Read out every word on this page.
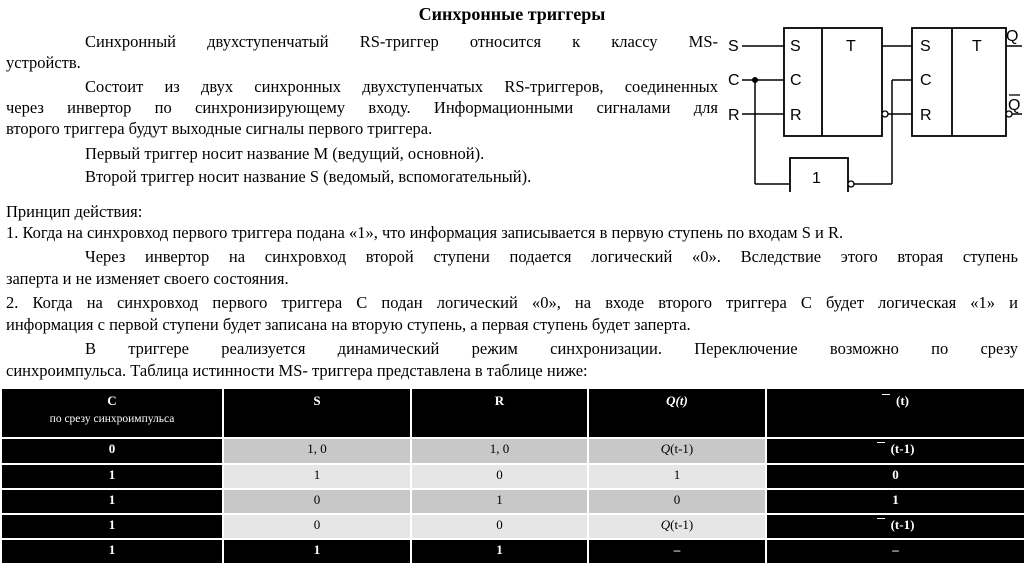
Синхронные триггеры
Синхронный двухступенчатый RS-триггер относится к классу MS-
устройств.
Состоит из двух синхронных двухступенчатых RS-триггеров, соединенных
через инвертор по синхронизирующему входу. Информационными сигналами для
второго триггера будут выходные сигналы первого триггера.
Первый триггер носит название M (ведущий, основной).
Второй триггер носит название S (ведомый, вспомогательный).
Принцип действия:
1. Когда на синхровход первого триггера подана «1», что информация записывается в первую ступень по входам S и R.
Через инвертор на синхровход второй ступени подается логический «0». Вследствие этого вторая ступень
заперта и не изменяет своего состояния.
2. Когда на синхровход первого триггера С подан логический «0», на входе второго триггера С будет логическая «1» и
информация с первой ступени будет записана на вторую ступень, а первая ступень будет заперта.
В триггере реализуется динамический режим синхронизации. Переключение возможно по срезу
синхроимпульса. Таблица истинности MS- триггера представлена в таблице ниже:
S
C
R
S
C
R
T	S
C
R
T
Q
Q
1
C
по срезу синхроимпульса	S	R	Q(t)	(t)
0	1, 0	1, 0	Q(t-1)	(t-1)
1	1	0	1	0
1	0	1	0	1
1	0	0	Q(t-1)	(t-1)
1	1	1	–	–
